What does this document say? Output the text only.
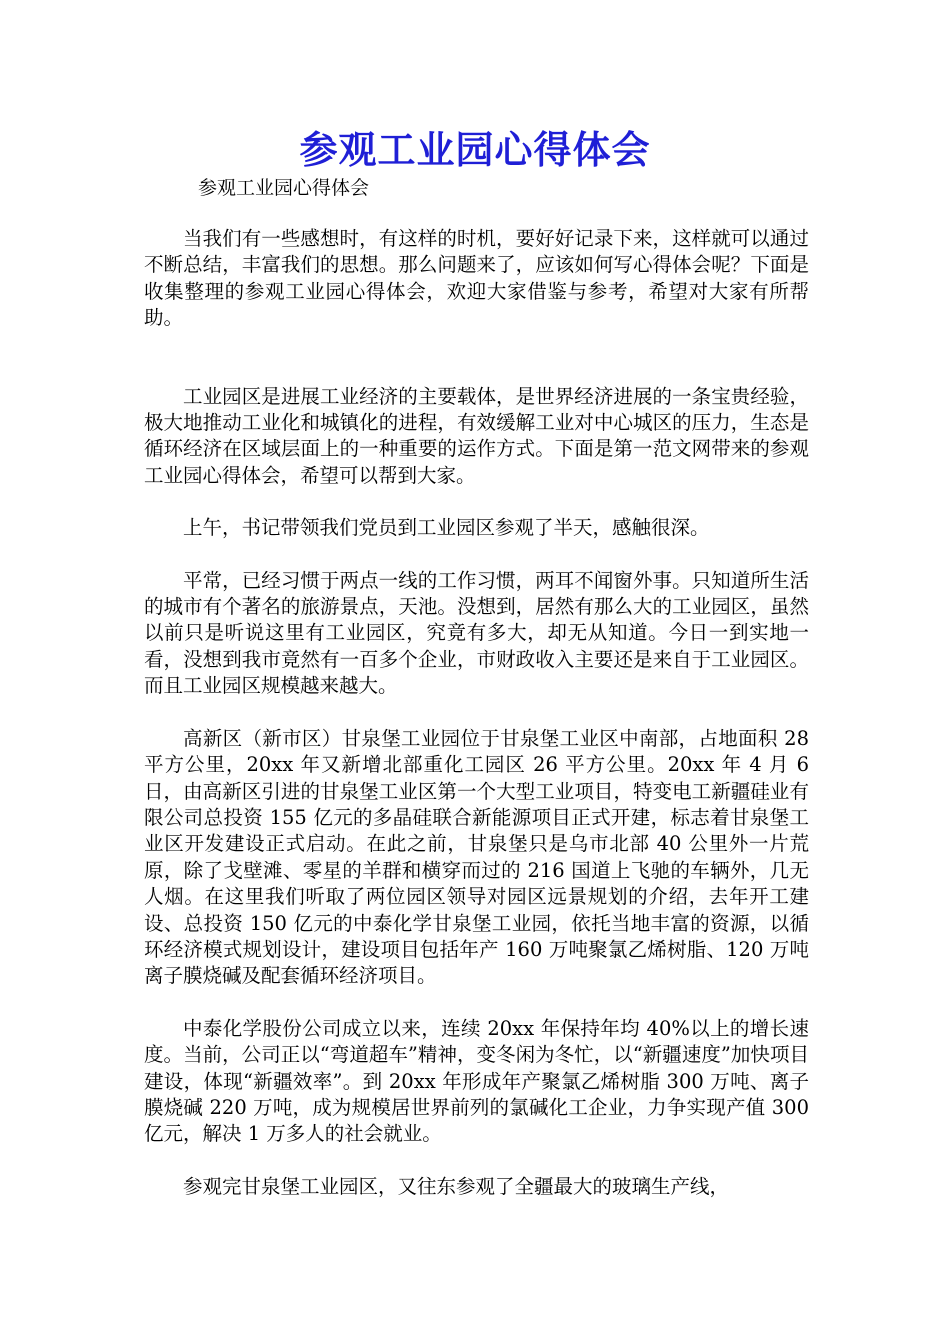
参观工业园心得体会
参观工业园心得体会

当我们有一些感想时，有这样的时机，要好好记录下来，这样就可以通过不断总结，丰富我们的思想。那么问题来了，应该如何写心得体会呢？下面是收集整理的参观工业园心得体会，欢迎大家借鉴与参考，希望对大家有所帮助。

工业园区是进展工业经济的主要载体，是世界经济进展的一条宝贵经验，极大地推动工业化和城镇化的进程，有效缓解工业对中心城区的压力，生态是循环经济在区域层面上的一种重要的运作方式。下面是第一范文网带来的参观工业园心得体会，希望可以帮到大家。

上午，书记带领我们党员到工业园区参观了半天，感触很深。

平常，已经习惯于两点一线的工作习惯，两耳不闻窗外事。只知道所生活的城市有个著名的旅游景点，天池。没想到，居然有那么大的工业园区，虽然以前只是听说这里有工业园区，究竟有多大，却无从知道。今日一到实地一看，没想到我市竟然有一百多个企业，市财政收入主要还是来自于工业园区。而且工业园区规模越来越大。

高新区（新市区）甘泉堡工业园位于甘泉堡工业区中南部，占地面积 28 平方公里，20xx 年又新增北部重化工园区 26 平方公里。20xx 年 4 月 6 日，由高新区引进的甘泉堡工业区第一个大型工业项目，特变电工新疆硅业有限公司总投资 155 亿元的多晶硅联合新能源项目正式开建，标志着甘泉堡工业区开发建设正式启动。在此之前，甘泉堡只是乌市北部 40 公里外一片荒原，除了戈壁滩、零星的羊群和横穿而过的 216 国道上飞驰的车辆外，几无人烟。在这里我们听取了两位园区领导对园区远景规划的介绍，去年开工建设、总投资 150 亿元的中泰化学甘泉堡工业园，依托当地丰富的资源，以循环经济模式规划设计，建设项目包括年产 160 万吨聚氯乙烯树脂、120 万吨离子膜烧碱及配套循环经济项目。

中泰化学股份公司成立以来，连续 20xx 年保持年均 40%以上的增长速度。当前，公司正以“弯道超车”精神，变冬闲为冬忙，以“新疆速度”加快项目建设，体现“新疆效率”。到 20xx 年形成年产聚氯乙烯树脂 300 万吨、离子膜烧碱 220 万吨，成为规模居世界前列的氯碱化工企业，力争实现产值 300 亿元，解决 1 万多人的社会就业。

参观完甘泉堡工业园区，又往东参观了全疆最大的玻璃生产线，
